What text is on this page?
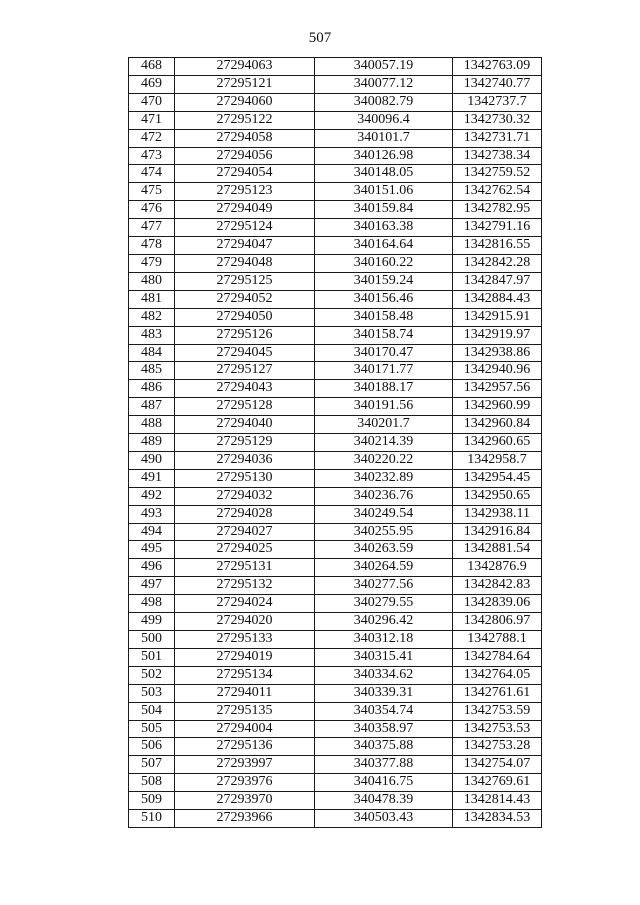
507
468	27294063	340057.19	1342763.09
469	27295121	340077.12	1342740.77
470	27294060	340082.79	1342737.7
471	27295122	340096.4	1342730.32
472	27294058	340101.7	1342731.71
473	27294056	340126.98	1342738.34
474	27294054	340148.05	1342759.52
475	27295123	340151.06	1342762.54
476	27294049	340159.84	1342782.95
477	27295124	340163.38	1342791.16
478	27294047	340164.64	1342816.55
479	27294048	340160.22	1342842.28
480	27295125	340159.24	1342847.97
481	27294052	340156.46	1342884.43
482	27294050	340158.48	1342915.91
483	27295126	340158.74	1342919.97
484	27294045	340170.47	1342938.86
485	27295127	340171.77	1342940.96
486	27294043	340188.17	1342957.56
487	27295128	340191.56	1342960.99
488	27294040	340201.7	1342960.84
489	27295129	340214.39	1342960.65
490	27294036	340220.22	1342958.7
491	27295130	340232.89	1342954.45
492	27294032	340236.76	1342950.65
493	27294028	340249.54	1342938.11
494	27294027	340255.95	1342916.84
495	27294025	340263.59	1342881.54
496	27295131	340264.59	1342876.9
497	27295132	340277.56	1342842.83
498	27294024	340279.55	1342839.06
499	27294020	340296.42	1342806.97
500	27295133	340312.18	1342788.1
501	27294019	340315.41	1342784.64
502	27295134	340334.62	1342764.05
503	27294011	340339.31	1342761.61
504	27295135	340354.74	1342753.59
505	27294004	340358.97	1342753.53
506	27295136	340375.88	1342753.28
507	27293997	340377.88	1342754.07
508	27293976	340416.75	1342769.61
509	27293970	340478.39	1342814.43
510	27293966	340503.43	1342834.53
